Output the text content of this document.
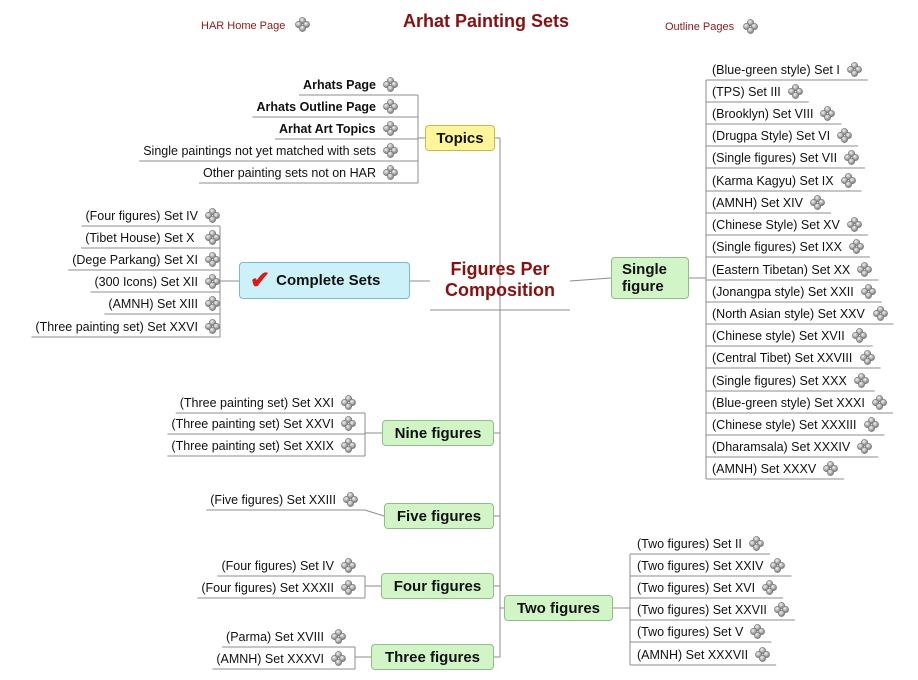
Arhat Painting Sets
HAR Home Page	Outline Pages
Figures Per
Composition
Topics
✔ Complete Sets
Single
figure
Nine figures
Five figures
Four figures
Three figures
Two figures
Arhats Page
Arhats Outline Page
Arhat Art Topics
Single paintings not yet matched with sets
Other painting sets not on HAR
(Four figures) Set IV
(Tibet House) Set X
(Dege Parkang) Set XI
(300 Icons) Set XII
(AMNH) Set XIII
(Three painting set) Set XXVI
(Three painting set) Set XXI
(Three painting set) Set XXVI
(Three painting set) Set XXIX
(Five figures) Set XXIII
(Four figures) Set IV
(Four figures) Set XXXII
(Parma) Set XVIII
(AMNH) Set XXXVI
(Blue-green style) Set I
(TPS) Set III
(Brooklyn) Set VIII
(Drugpa Style) Set VI
(Single figures) Set VII
(Karma Kagyu) Set IX
(AMNH) Set XIV
(Chinese Style) Set XV
(Single figures) Set IXX
(Eastern Tibetan) Set XX
(Jonangpa style) Set XXII
(North Asian style) Set XXV
(Chinese style) Set XVII
(Central Tibet) Set XXVIII
(Single figures) Set XXX
(Blue-green style) Set XXXI
(Chinese style) Set XXXIII
(Dharamsala) Set XXXIV
(AMNH) Set XXXV
(Two figures) Set II
(Two figures) Set XXIV
(Two figures) Set XVI
(Two figures) Set XXVII
(Two figures) Set V
(AMNH) Set XXXVII
